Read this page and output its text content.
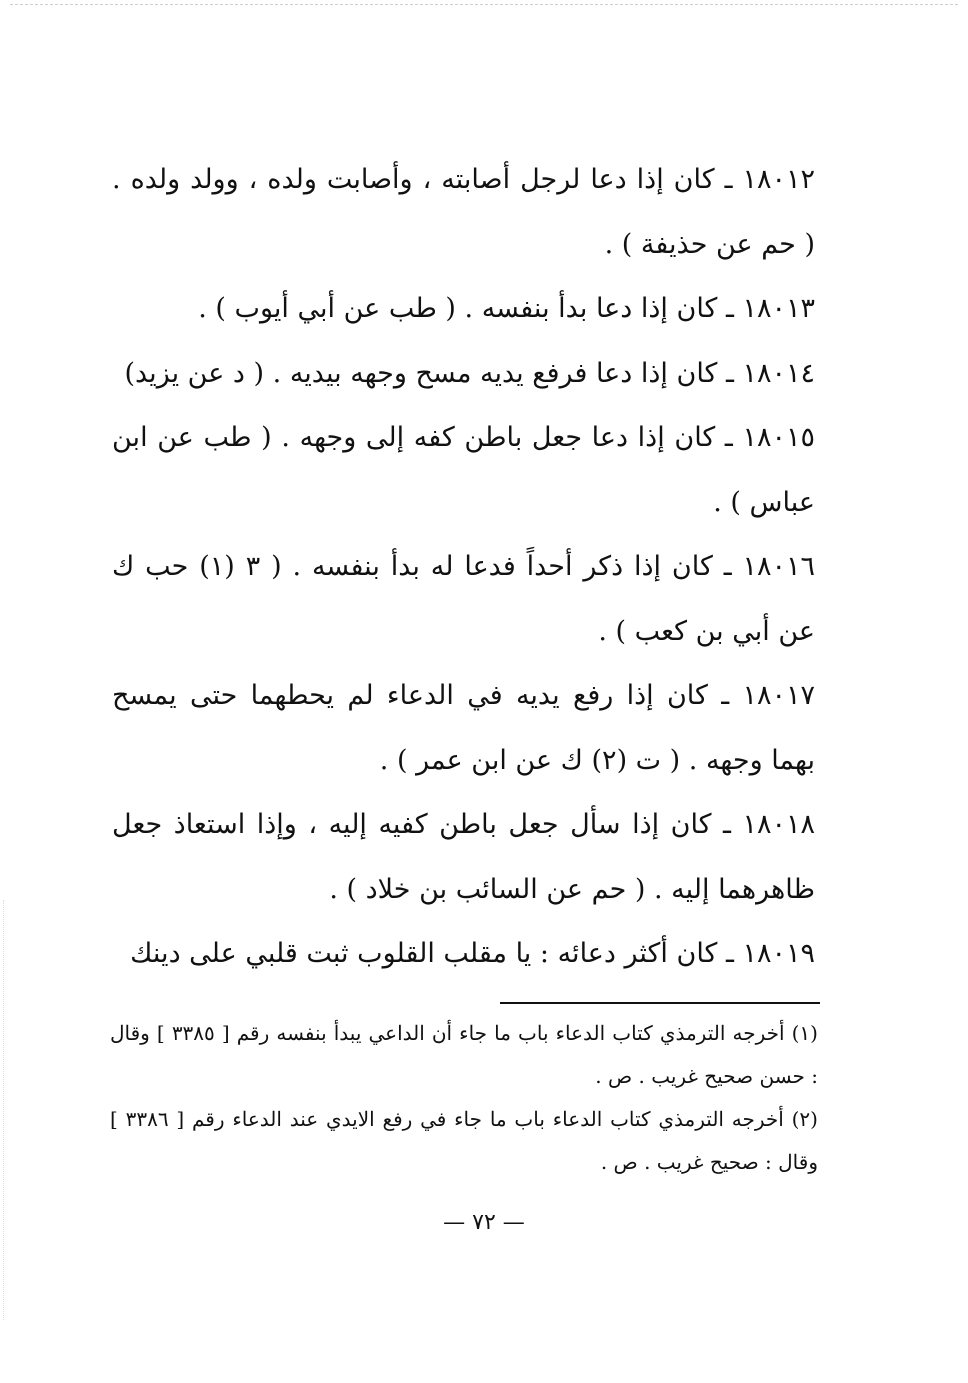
١٨٠١٢ ـ كان إذا دعا لرجل أصابته ، وأصابت ولده ، وولد ولده . ( حم عن حذيفة ) .

١٨٠١٣ ـ كان إذا دعا بدأ بنفسه . ( طب عن أبي أيوب ) .

١٨٠١٤ ـ كان إذا دعا فرفع يديه مسح وجهه بيديه . ( د عن يزيد)

١٨٠١٥ ـ كان إذا دعا جعل باطن كفه إلى وجهه . ( طب عن ابن عباس ) .

١٨٠١٦ ـ كان إذا ذكر أحداً فدعا له بدأ بنفسه . ( ٣ (١) حب ك عن أبي بن كعب ) .

١٨٠١٧ ـ كان إذا رفع يديه في الدعاء لم يحطهما حتى يمسح بهما وجهه . ( ت (٢) ك عن ابن عمر ) .

١٨٠١٨ ـ كان إذا سأل جعل باطن كفيه إليه ، وإذا استعاذ جعل ظاهرهما إليه . ( حم عن السائب بن خلاد ) .

١٨٠١٩ ـ كان أكثر دعائه : يا مقلب القلوب ثبت قلبي على دينك

(١) أخرجه الترمذي كتاب الدعاء باب ما جاء أن الداعي يبدأ بنفسه رقم [ ٣٣٨٥ ] وقال : حسن صحيح غريب . ص .

(٢) أخرجه الترمذي كتاب الدعاء باب ما جاء في رفع الايدي عند الدعاء رقم [ ٣٣٨٦ ] وقال : صحيح غريب . ص .

— ٧٢ —
